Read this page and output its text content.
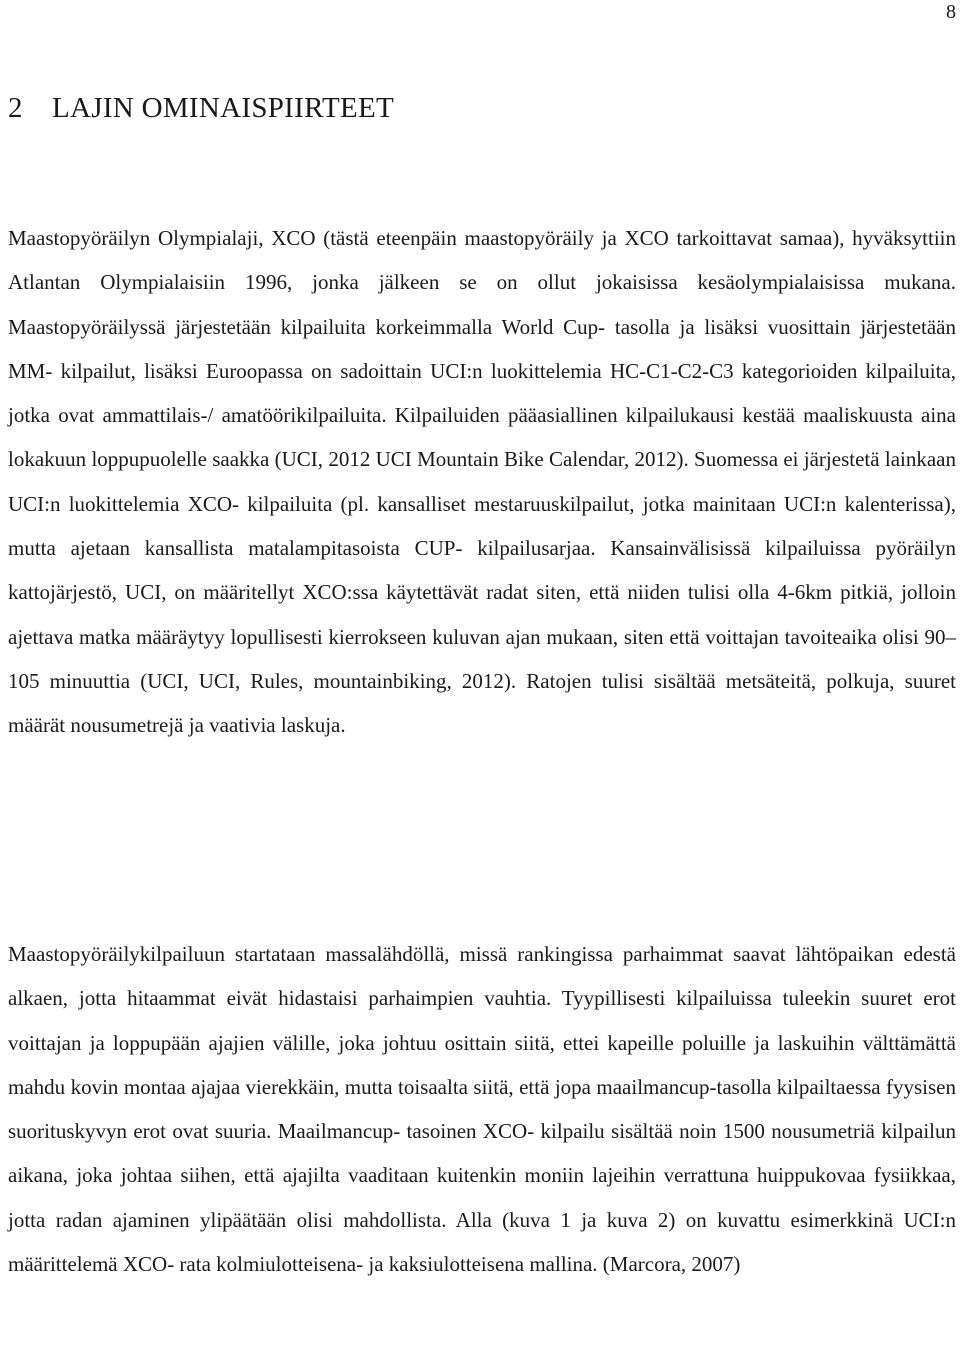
8
2 LAJIN OMINAISPIIRTEET

Maastopyöräilyn Olympialaji, XCO (tästä eteenpäin maastopyöräily ja XCO tarkoittavat samaa), hyväksyttiin Atlantan Olympialaisiin 1996, jonka jälkeen se on ollut jokaisissa kesäolympialaisissa mukana. Maastopyöräilyssä järjestetään kilpailuita korkeimmalla World Cup- tasolla ja lisäksi vuosittain järjestetään MM- kilpailut, lisäksi Euroopassa on sadoittain UCI:n luokittelemia HC-C1-C2-C3 kategorioiden kilpailuita, jotka ovat ammattilais-/ amatöörikilpailuita. Kilpailuiden pääasiallinen kilpailukausi kestää maaliskuusta aina lokakuun loppupuolelle saakka (UCI, 2012 UCI Mountain Bike Calendar, 2012). Suomessa ei järjestetä lainkaan UCI:n luokittelemia XCO- kilpailuita (pl. kansalliset mestaruuskilpailut, jotka mainitaan UCI:n kalenterissa), mutta ajetaan kansallista matalampitasoista CUP- kilpailusarjaa. Kansainvälisissä kilpailuissa pyöräilyn kattojärjestö, UCI, on määritellyt XCO:ssa käytettävät radat siten, että niiden tulisi olla 4-6km pitkiä, jolloin ajettava matka määräytyy lopullisesti kierrokseen kuluvan ajan mukaan, siten että voittajan tavoiteaika olisi 90–105 minuuttia (UCI, UCI, Rules, mountainbiking, 2012). Ratojen tulisi sisältää metsäteitä, polkuja, suuret määrät nousumetrejä ja vaativia laskuja.

Maastopyöräilykilpailuun startataan massalähdöllä, missä rankingissa parhaimmat saavat lähtöpaikan edestä alkaen, jotta hitaammat eivät hidastaisi parhaimpien vauhtia. Tyypillisesti kilpailuissa tuleekin suuret erot voittajan ja loppupään ajajien välille, joka johtuu osittain siitä, ettei kapeille poluille ja laskuihin välttämättä mahdu kovin montaa ajajaa vierekkäin, mutta toisaalta siitä, että jopa maailmancup-tasolla kilpailtaessa fyysisen suorituskyvyn erot ovat suuria. Maailmancup- tasoinen XCO- kilpailu sisältää noin 1500 nousumetriä kilpailun aikana, joka johtaa siihen, että ajajilta vaaditaan kuitenkin moniin lajeihin verrattuna huippukovaa fysiikkaa, jotta radan ajaminen ylipäätään olisi mahdollista. Alla (kuva 1 ja kuva 2) on kuvattu esimerkkinä UCI:n määrittelemä XCO- rata kolmiulotteisena- ja kaksiulotteisena mallina. (Marcora, 2007)
